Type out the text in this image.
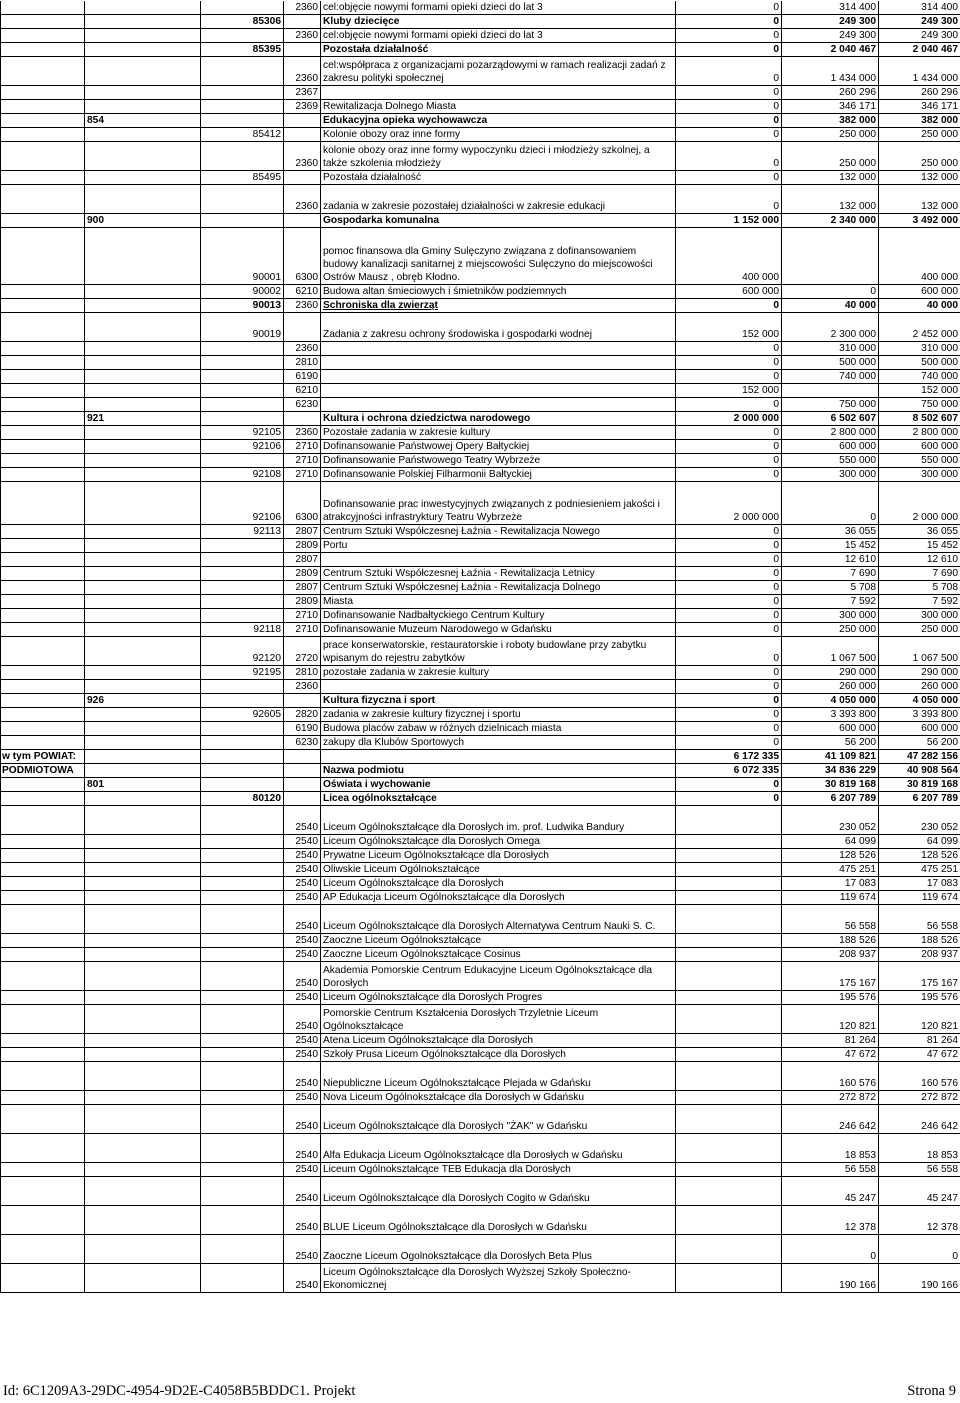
			2360	cel:objęcie nowymi formami opieki dzieci do lat 3	0	314 400	314 400	
		85306		Kluby dziecięce	0	249 300	249 300	
			2360	cel:objęcie nowymi formami opieki dzieci do lat 3	0	249 300	249 300	
		85395		Pozostała działalność	0	2 040 467	2 040 467	
			2360	cel:współpraca z organizacjami pozarządowymi w ramach realizacji zadań z zakresu polityki społecznej	0	1 434 000	1 434 000	
			2367		0	260 296	260 296	
			2369	Rewitalizacja Dolnego Miasta	0	346 171	346 171	
	854			Edukacyjna opieka wychowawcza	0	382 000	382 000	
		85412		Kolonie obozy oraz inne formy	0	250 000	250 000	
			2360	kolonie obozy oraz inne formy wypoczynku dzieci i młodzieży szkolnej, a także szkolenia młodzieży	0	250 000	250 000	
		85495		Pozostała działalność	0	132 000	132 000	
			2360	zadania w zakresie pozostałej działalności w zakresie edukacji	0	132 000	132 000	
	900			Gospodarka komunalna	1 152 000	2 340 000	3 492 000	
		90001	6300	pomoc finansowa dla Gminy Sulęczyno związana z dofinansowaniem budowy kanalizacji sanitarnej z miejscowości Sulęczyno do miejscowości Ostrów Mausz , obręb Kłodno.	400 000		400 000	
		90002	6210	Budowa altan śmieciowych i śmietników podziemnych	600 000	0	600 000	
		90013	2360	Schroniska dla zwierząt	0	40 000	40 000	
		90019		Zadania z zakresu ochrony środowiska i gospodarki wodnej	152 000	2 300 000	2 452 000	
			2360		0	310 000	310 000	
			2810		0	500 000	500 000	
			6190		0	740 000	740 000	
			6210		152 000		152 000	
			6230		0	750 000	750 000	
	921			Kultura i ochrona dziedzictwa narodowego	2 000 000	6 502 607	8 502 607	
		92105	2360	Pozostałe zadania w zakresie kultury	0	2 800 000	2 800 000	
		92106	2710	Dofinansowanie Państwowej Opery Bałtyckiej	0	600 000	600 000	
			2710	Dofinansowanie Państwowego Teatry Wybrzeże	0	550 000	550 000	
		92108	2710	Dofinansowanie Polskiej Filharmonii Bałtyckiej	0	300 000	300 000	
		92106	6300	Dofinansowanie prac inwestycyjnych związanych z podniesieniem jakości i atrakcyjności infrastryktury Teatru Wybrzeże	2 000 000	0	2 000 000	
		92113	2807	Centrum Sztuki Współczesnej Łaźnia - Rewitalizacja Nowego	0	36 055	36 055	
			2809	Portu	0	15 452	15 452	
			2807		0	12 610	12 610	
			2809	Centrum Sztuki Współczesnej Łaźnia - Rewitalizacja Letnicy	0	7 690	7 690	
			2807	Centrum Sztuki Współczesnej Łaźnia - Rewitalizacja Dolnego	0	5 708	5 708	
			2809	Miasta	0	7 592	7 592	
			2710	Dofinansowanie Nadbałtyckiego Centrum Kultury	0	300 000	300 000	
		92118	2710	Dofinansowanie Muzeum Narodowego w Gdańsku	0	250 000	250 000	
		92120	2720	prace konserwatorskie, restauratorskie i roboty budowlane przy zabytku wpisanym do rejestru zabytków	0	1 067 500	1 067 500	
		92195	2810	pozostałe zadania w zakresie kultury	0	290 000	290 000	
			2360		0	260 000	260 000	
	926			Kultura fizyczna i sport	0	4 050 000	4 050 000	
		92605	2820	zadania w zakresie kultury fizycznej i sportu	0	3 393 800	3 393 800	
			6190	Budowa placów zabaw w różnych dzielnicach miasta	0	600 000	600 000	
			6230	zakupy dla Klubów Sportowych	0	56 200	56 200	
w tym POWIAT:					6 172 335	41 109 821	47 282 156	
PODMIOTOWA				Nazwa podmiotu	6 072 335	34 836 229	40 908 564	
	801			Oświata i wychowanie	0	30 819 168	30 819 168	
		80120		Licea ogólnokształcące	0	6 207 789	6 207 789	
			2540	Liceum Ogólnokształcące dla Dorosłych im. prof. Ludwika Bandury		230 052	230 052	
			2540	Liceum Ogólnokształcące dla Dorosłych Omega		64 099	64 099	
			2540	Prywatne Liceum Ogólnokształcące dla Dorosłych		128 526	128 526	
			2540	Oliwskie Liceum Ogólnokształcące		475 251	475 251	
			2540	Liceum Ogólnokształcące dla Dorosłych		17 083	17 083	
			2540	AP Edukacja Liceum Ogólnokształcące dla Dorosłych		119 674	119 674	
			2540	Liceum Ogólnokształcące dla Dorosłych Alternatywa Centrum Nauki S. C.		56 558	56 558	
			2540	Zaoczne Liceum Ogólnokształcące		188 526	188 526	
			2540	Zaoczne Liceum Ogólnokształcące Cosinus		208 937	208 937	
			2540	Akademia Pomorskie Centrum Edukacyjne Liceum Ogólnokształcące dla Dorosłych		175 167	175 167	
			2540	Liceum Ogólnokształcące dla Dorosłych Progres		195 576	195 576	
			2540	Pomorskie Centrum Kształcenia Dorosłych Trzyletnie Liceum Ogólnokształcące		120 821	120 821	
			2540	Atena Liceum Ogólnokształcące dla Dorosłych		81 264	81 264	
			2540	Szkoły Prusa Liceum Ogólnokształcące dla Dorosłych		47 672	47 672	
			2540	Niepubliczne Liceum Ogólnokształcące Plejada w Gdańsku		160 576	160 576	
			2540	Nova Liceum Ogólnokształcące dla Dorosłych w Gdańsku		272 872	272 872	
			2540	Liceum Ogólnokształcące dla Dorosłych "ŻAK" w Gdańsku		246 642	246 642	
			2540	Alfa Edukacja Liceum Ogólnokształcące dla Dorosłych w Gdańsku		18 853	18 853	
			2540	Liceum Ogólnokształcące TEB Edukacja dla Dorosłych		56 558	56 558	
			2540	Liceum Ogólnokształcące dla Dorosłych Cogito w Gdańsku		45 247	45 247	
			2540	BLUE Liceum Ogólnokształcące dla Dorosłych w Gdańsku		12 378	12 378	
			2540	Zaoczne Liceum Ogolnokształcące dla Dorosłych Beta Plus		0	0	
			2540	Liceum Ogólnokształcące dla Dorosłych Wyższej Szkoły Społeczno-Ekonomicznej		190 166	190 166	
Id: 6C1209A3-29DC-4954-9D2E-C4058B5BDDC1. Projekt	Strona 9
